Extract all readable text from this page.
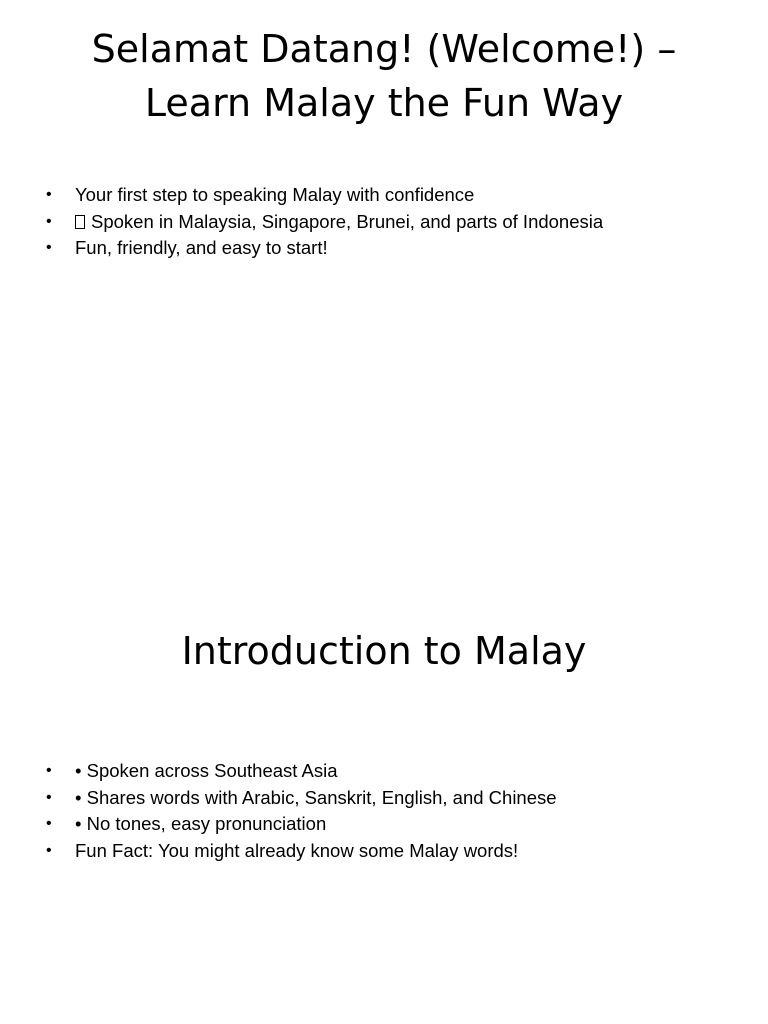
Selamat Datang! (Welcome!) –
Learn Malay the Fun Way
• Your first step to speaking Malay with confidence
• Spoken in Malaysia, Singapore, Brunei, and parts of Indonesia
• Fun, friendly, and easy to start!
Introduction to Malay
• • Spoken across Southeast Asia
• • Shares words with Arabic, Sanskrit, English, and Chinese
• • No tones, easy pronunciation
• Fun Fact: You might already know some Malay words!
